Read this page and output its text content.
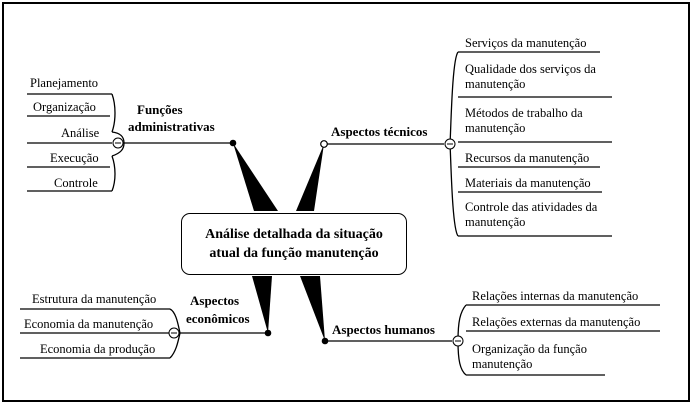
Análise detalhada da situação
atual da função manutenção
Funções
administrativas	Aspectos técnicos
Aspectos
econômicos
Aspectos humanos
Planejamento
Organização
Análise
Execução
Controle
Serviços da manutenção
Qualidade dos serviços da manutenção
Métodos de trabalho da manutenção
Recursos da manutenção
Materiais da manutenção
Controle das atividades da manutenção
Estrutura da manutenção
Economia da manutenção
Economia da produção
Relações internas da manutenção
Relações externas da manutenção
Organização da função manutenção
